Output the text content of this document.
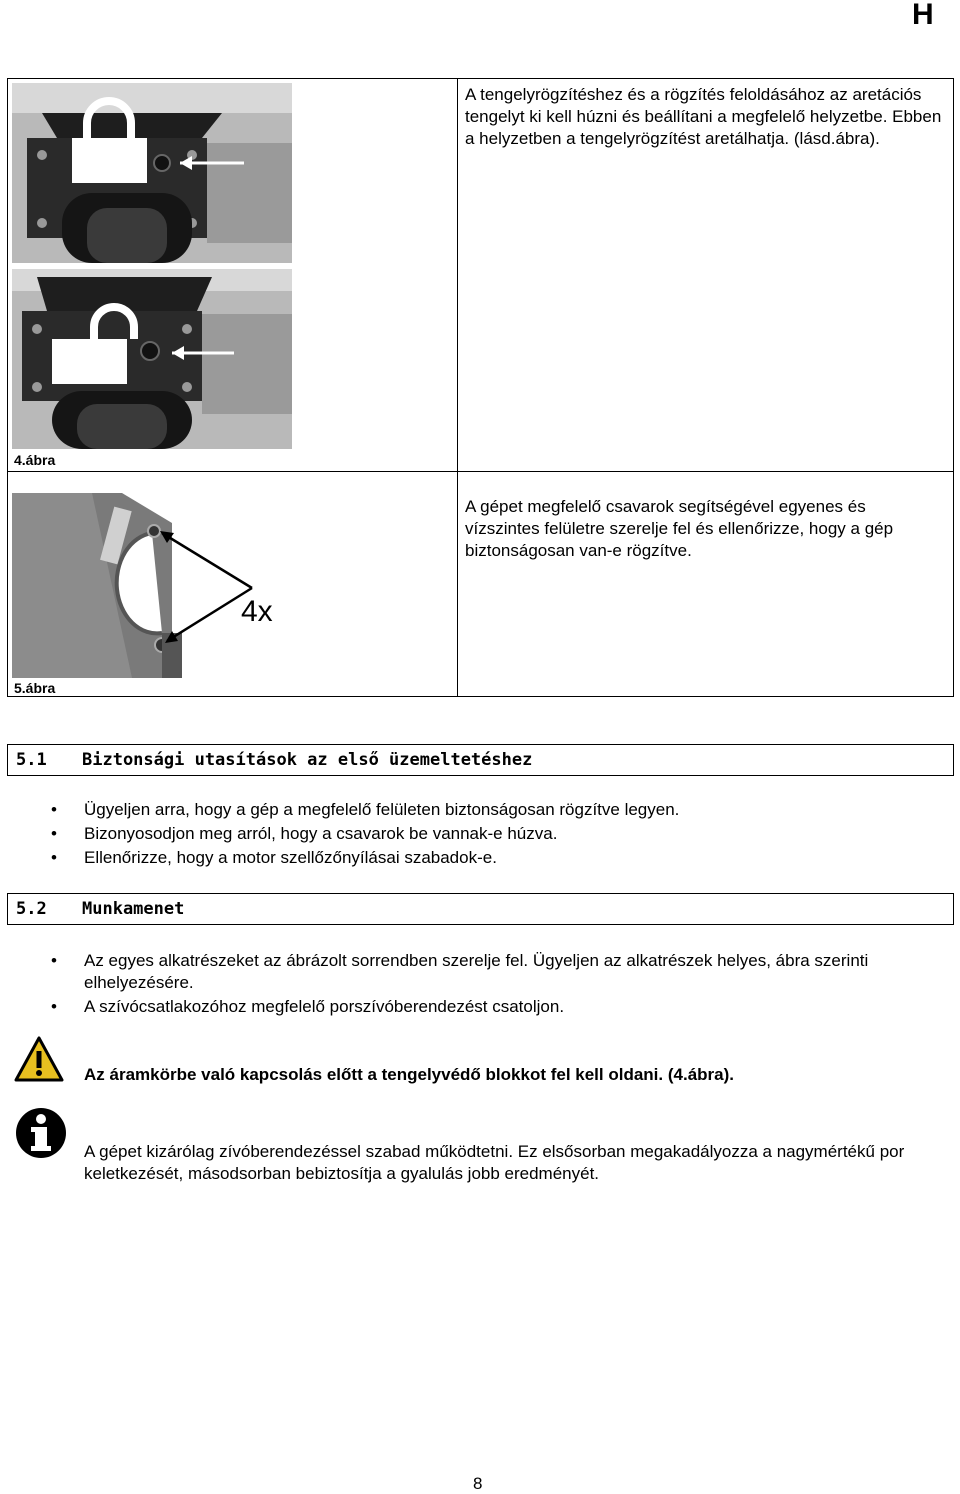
H
4.ábra
A tengelyrögzítéshez és a rögzítés feloldásához az aretációs tengelyt ki kell húzni és beállítani a megfelelő helyzetbe. Ebben a helyzetben a tengelyrögzítést aretálhatja. (lásd.ábra).
4x
5.ábra
A gépet megfelelő csavarok segítségével egyenes és vízszintes felületre szerelje fel és ellenőrizze, hogy a gép biztonságosan van-e rögzítve.
5.1 Biztonsági utasítások az első üzemeltetéshez
• Ügyeljen arra, hogy a gép a megfelelő felületen biztonságosan rögzítve legyen.
• Bizonyosodjon meg arról, hogy a csavarok be vannak-e húzva.
• Ellenőrizze, hogy a motor szellőzőnyílásai szabadok-e.
5.2 Munkamenet
• Az egyes alkatrészeket az ábrázolt sorrendben szerelje fel. Ügyeljen az alkatrészek helyes, ábra szerinti elhelyezésére.
• A szívócsatlakozóhoz megfelelő porszívóberendezést csatoljon.
Az áramkörbe való kapcsolás előtt a tengelyvédő blokkot fel kell oldani. (4.ábra).
A gépet kizárólag zívóberendezéssel szabad működtetni. Ez elsősorban megakadályozza a nagymértékű por keletkezését, másodsorban bebiztosítja a gyalulás jobb eredményét.
8
